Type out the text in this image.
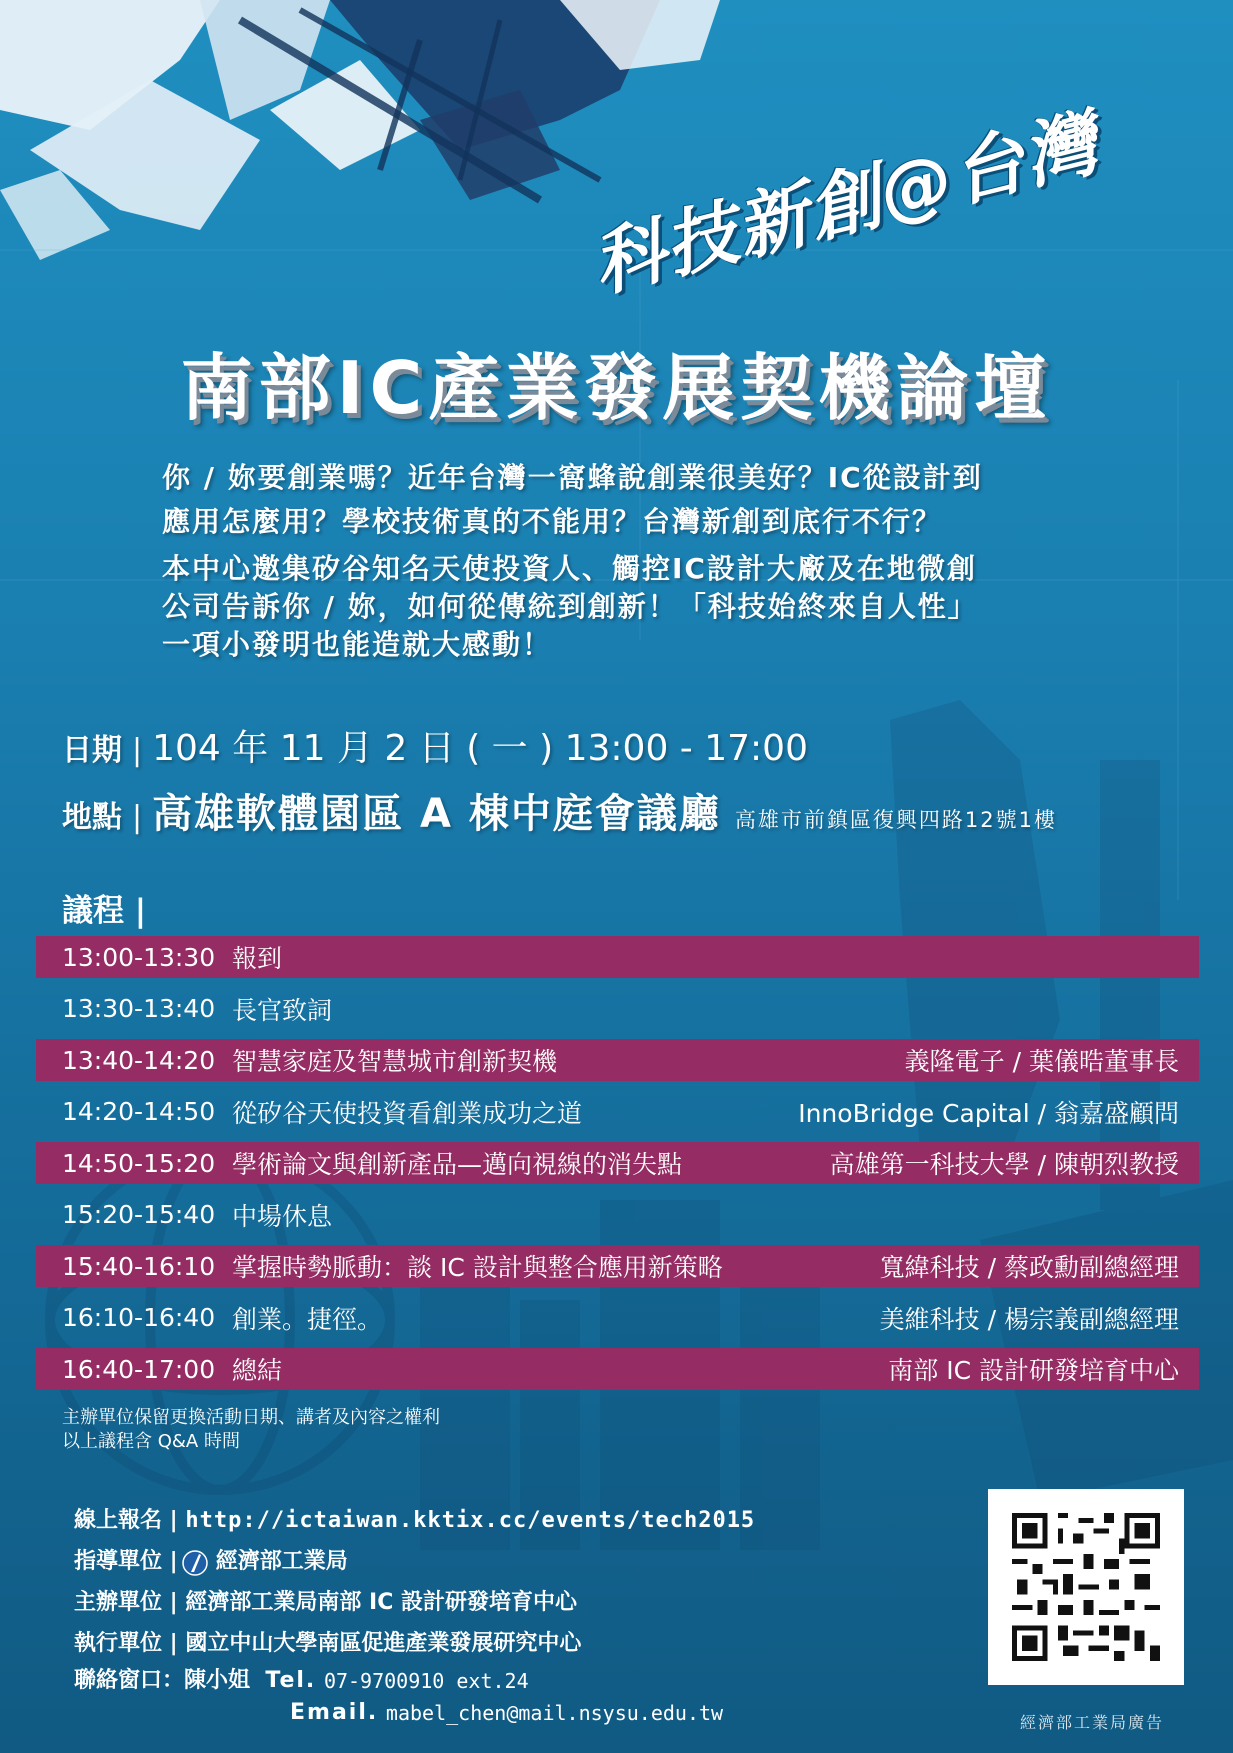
科技新創@台灣
南部IC產業發展契機論壇

你 / 妳要創業嗎？近年台灣一窩蜂說創業很美好？IC從設計到
應用怎麼用？學校技術真的不能用？台灣新創到底行不行？

本中心邀集矽谷知名天使投資人、觸控IC設計大廠及在地微創
公司告訴你 / 妳，如何從傳統到創新！「科技始終來自人性」
一項小發明也能造就大感動！

日期 | 104 年 11 月 2 日 ( 一 ) 13:00 - 17:00
地點 | 高雄軟體園區 A 棟中庭會議廳 高雄市前鎮區復興四路12號1樓
議程 |
13:00-13:30 報到
13:30-13:40 長官致詞
13:40-14:20 智慧家庭及智慧城市創新契機	義隆電子 / 葉儀晧董事長
14:20-14:50 從矽谷天使投資看創業成功之道	InnoBridge Capital / 翁嘉盛顧問
14:50-15:20 學術論文與創新產品—邁向視線的消失點	高雄第一科技大學 / 陳朝烈教授
15:20-15:40 中場休息
15:40-16:10 掌握時勢脈動：談 IC 設計與整合應用新策略	寬緯科技 / 蔡政勳副總經理
16:10-16:40 創業。捷徑。	美維科技 / 楊宗義副總經理
16:40-17:00 總結	南部 IC 設計研發培育中心
主辦單位保留更換活動日期、講者及內容之權利
以上議程含 Q&A 時間
線上報名 |
http://ictaiwan.kktix.cc/events/tech2015
指導單位 | 經濟部工業局
主辦單位 |
經濟部工業局南部 IC 設計研發培育中心
執行單位 |
國立中山大學南區促進產業發展研究中心
聯絡窗口： 陳小姐
Tel.
07-9700910 ext.24
Email.
mabel_chen@mail.nsysu.edu.tw	經濟部工業局廣告
